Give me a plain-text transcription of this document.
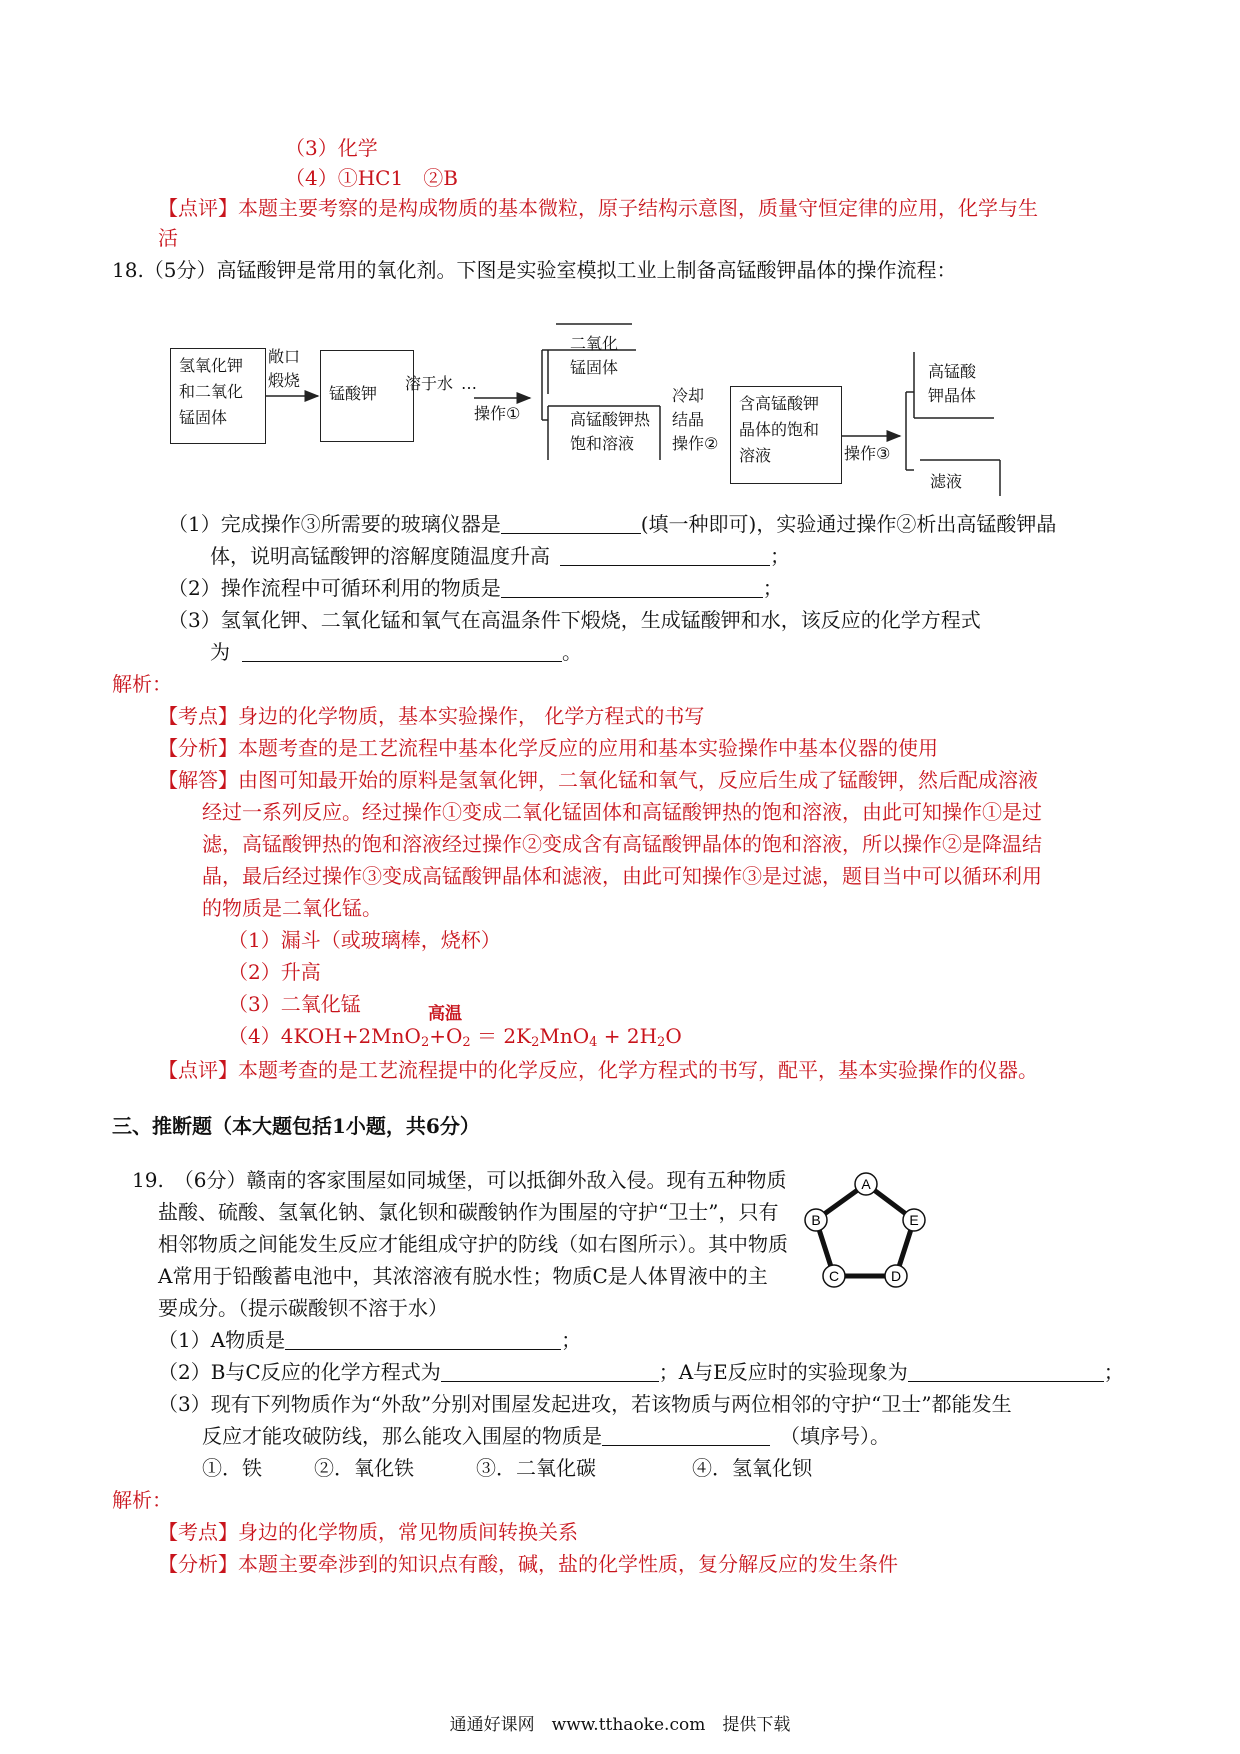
（3）化学
（4）①HC1　②B
【点评】本题主要考察的是构成物质的基本微粒，原子结构示意图，质量守恒定律的应用，化学与生
活
18.（5分）高锰酸钾是常用的氧化剂。下图是实验室模拟工业上制备高锰酸钾晶体的操作流程：
氢氧化钾
和二氧化
锰固体
敞口
煅烧
锰酸钾
溶于水 …
操作①
二氧化
锰固体
高锰酸钾热
饱和溶液
冷却
结晶
操作②
含高锰酸钾
晶体的饱和
溶液	操作③
高锰酸
钾晶体
滤液
（1）完成操作③所需要的玻璃仪器是	(填一种即可)，实验通过操作②析出高锰酸钾晶
体，说明高锰酸钾的溶解度随温度升高	；
（2）操作流程中可循环利用的物质是	；
（3）氢氧化钾、二氧化锰和氧气在高温条件下煅烧，生成锰酸钾和水，该反应的化学方程式
为	。
解析：
【考点】身边的化学物质，基本实验操作， 化学方程式的书写
【分析】本题考查的是工艺流程中基本化学反应的应用和基本实验操作中基本仪器的使用
【解答】由图可知最开始的原料是氢氧化钾，二氧化锰和氧气，反应后生成了锰酸钾，然后配成溶液
经过一系列反应。经过操作①变成二氧化锰固体和高锰酸钾热的饱和溶液，由此可知操作①是过
滤，高锰酸钾热的饱和溶液经过操作②变成含有高锰酸钾晶体的饱和溶液，所以操作②是降温结
晶，最后经过操作③变成高锰酸钾晶体和滤液，由此可知操作③是过滤，题目当中可以循环利用
的物质是二氧化锰。
（1）漏斗（或玻璃棒，烧杯）
（2）升高
（3）二氧化锰	高温
$(4)4KOH+2MnO_2+O_2 = 2K_2MnO_4 + 2H_2O$
【点评】本题考查的是工艺流程提中的化学反应，化学方程式的书写，配平，基本实验操作的仪器。
三、推断题（本大题包括1小题，共6分）
19.　（6分）赣南的客家围屋如同城堡，可以抵御外敌入侵。现有五种物质
盐酸、硫酸、氢氧化钠、氯化钡和碳酸钠作为围屋的守护“卫士”，只有
相邻物质之间能发生反应才能组成守护的防线（如右图所示）。其中物质
A常用于铅酸蓄电池中，其浓溶液有脱水性；物质C是人体胃液中的主
要成分。（提示碳酸钡不溶于水）
A
E
D
C
B
（1）A物质是	；
（2）B与C反应的化学方程式为	；A与E反应时的实验现象为	；
（3）现有下列物质作为“外敌”分别对围屋发起进攻，若该物质与两位相邻的守护“卫士”都能发生
反应才能攻破防线，那么能攻入围屋的物质是	（填序号）。
①．铁	②．氧化铁	③．二氧化碳	④．氢氧化钡
解析：
【考点】身边的化学物质，常见物质间转换关系
【分析】本题主要牵涉到的知识点有酸，碱，盐的化学性质，复分解反应的发生条件
通通好课网　www.tthaoke.com　提供下载
